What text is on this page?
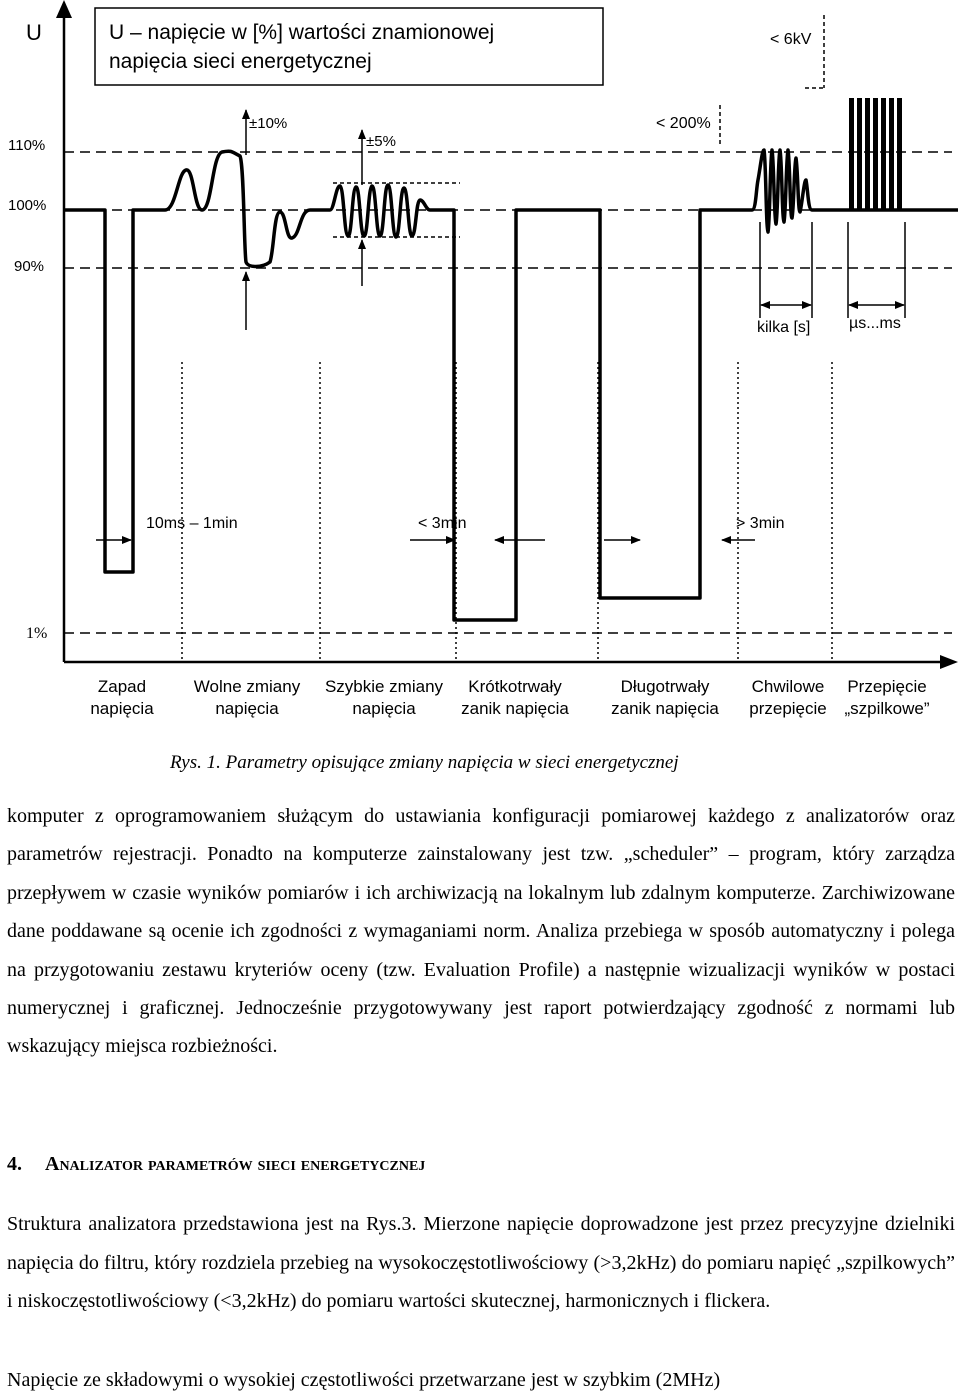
U	U – napięcie w [%] wartości znamionowej
napięcia sieci energetycznej
110%
100%
90%
1%
±10%
±5%
< 200%
< 6kV
kilka [s] µs...ms
10ms – 1min	< 3min	> 3min
Zapad
napięcia
Wolne zmiany
napięcia
Szybkie zmiany
napięcia
Krótkotrwały
zanik napięcia
Długotrwały
zanik napięcia
Chwilowe
przepięcie
Przepięcie
„szpilkowe”
Rys. 1. Parametry opisujące zmiany napięcia w sieci energetycznej

komputer z oprogramowaniem służącym do ustawiania konfiguracji pomiarowej każdego z analizatorów oraz parametrów rejestracji. Ponadto na komputerze zainstalowany jest tzw. „scheduler” – program, który zarządza przepływem w czasie wyników pomiarów i ich archiwizacją na lokalnym lub zdalnym komputerze. Zarchiwizowane dane poddawane są ocenie ich zgodności z wymaganiami norm. Analiza przebiega w sposób automatyczny i polega na przygotowaniu zestawu kryteriów oceny (tzw. Evaluation Profile) a następnie wizualizacji wyników w postaci numerycznej i graficznej. Jednocześnie przygotowywany jest raport potwierdzający zgodność z normami lub wskazujący miejsca rozbieżności.

4. Analizator parametrów sieci energetycznej

Struktura analizatora przedstawiona jest na Rys.3. Mierzone napięcie doprowadzone jest przez precyzyjne dzielniki napięcia do filtru, który rozdziela przebieg na wysokoczęstotliwościowy (>3,2kHz) do pomiaru napięć „szpilkowych” i niskoczęstotliwościowy (<3,2kHz) do pomiaru wartości skutecznej, harmonicznych i flickera.

Napięcie ze składowymi o wysokiej częstotliwości przetwarzane jest w szybkim (2MHz)
